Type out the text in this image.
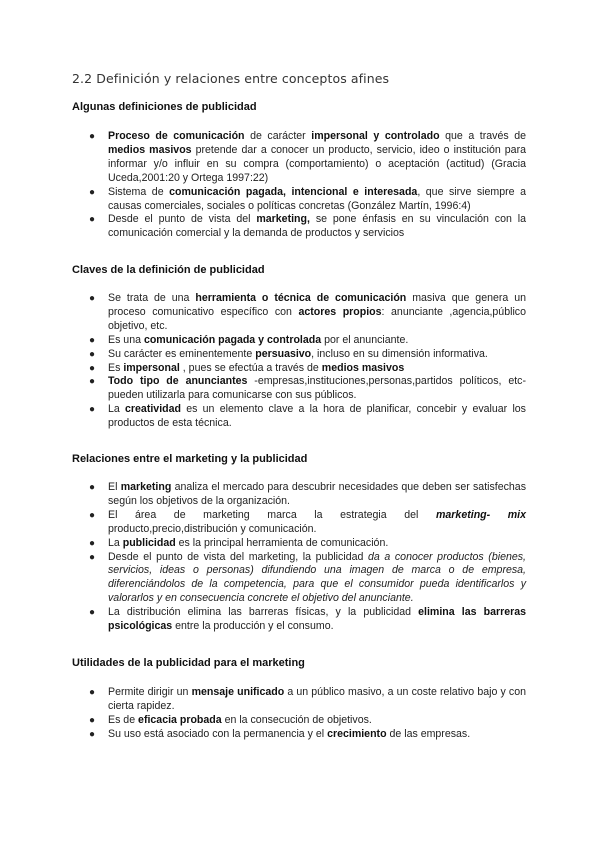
2.2 Definición y relaciones entre conceptos afines
Algunas definiciones de publicidad
● Proceso de comunicación de carácter impersonal y controlado que a través de medios masivos pretende dar a conocer un producto, servicio, ideo o institución para informar y/o influir en su compra (comportamiento) o aceptación (actitud) (Gracia Uceda,2001:20 y Ortega 1997:22)
● Sistema de comunicación pagada, intencional e interesada, que sirve siempre a causas comerciales, sociales o políticas concretas (González Martín, 1996:4)
● Desde el punto de vista del marketing, se pone énfasis en su vinculación con la comunicación comercial y la demanda de productos y servicios
Claves de la definición de publicidad
● Se trata de una herramienta o técnica de comunicación masiva que genera un proceso comunicativo específico con actores propios: anunciante ,agencia,público objetivo, etc.
● Es una comunicación pagada y controlada por el anunciante.
● Su carácter es eminentemente persuasivo, incluso en su dimensión informativa.
● Es impersonal , pues se efectúa a través de medios masivos
● Todo tipo de anunciantes -empresas,instituciones,personas,partidos políticos, etc- pueden utilizarla para comunicarse con sus públicos.
● La creatividad es un elemento clave a la hora de planificar, concebir y evaluar los productos de esta técnica.
Relaciones entre el marketing y la publicidad
● El marketing analiza el mercado para descubrir necesidades que deben ser satisfechas según los objetivos de la organización.
● El área de marketing marca la estrategia del marketing- mix producto,precio,distribución y comunicación.
● La publicidad es la principal herramienta de comunicación.
● Desde el punto de vista del marketing, la publicidad da a conocer productos (bienes, servicios, ideas o personas) difundiendo una imagen de marca o de empresa, diferenciándolos de la competencia, para que el consumidor pueda identificarlos y valorarlos y en consecuencia concrete el objetivo del anunciante.
● La distribución elimina las barreras físicas, y la publicidad elimina las barreras psicológicas entre la producción y el consumo.
Utilidades de la publicidad para el marketing
● Permite dirigir un mensaje unificado a un público masivo, a un coste relativo bajo y con cierta rapidez.
● Es de eficacia probada en la consecución de objetivos.
● Su uso está asociado con la permanencia y el crecimiento de las empresas.
